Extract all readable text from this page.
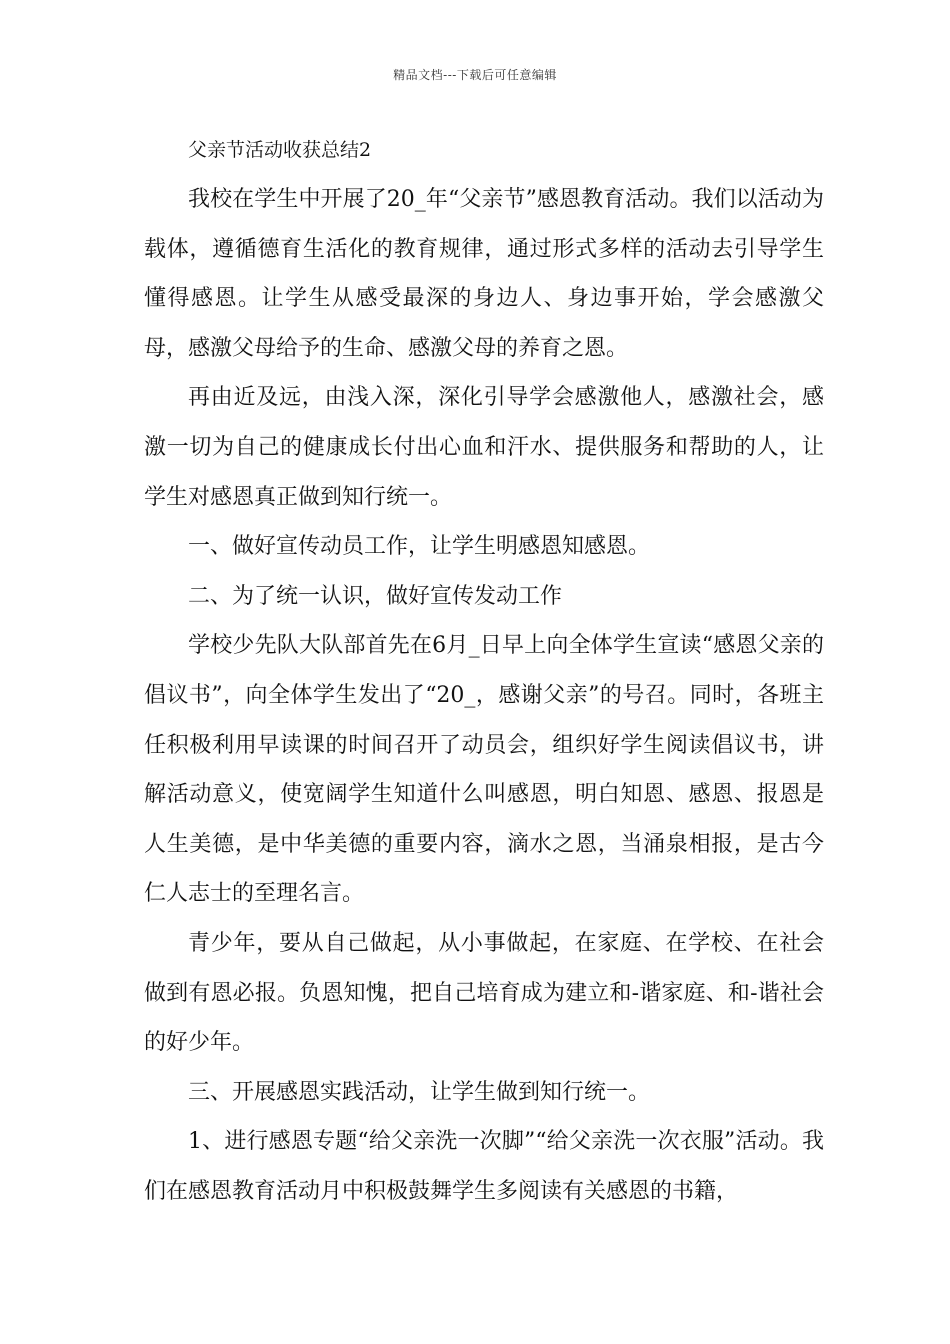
精品文档---下载后可任意编辑
父亲节活动收获总结2

我校在学生中开展了20_年“父亲节”感恩教育活动。我们以活动为载体，遵循德育生活化的教育规律，通过形式多样的活动去引导学生懂得感恩。让学生从感受最深的身边人、身边事开始，学会感激父母，感激父母给予的生命、感激父母的养育之恩。

再由近及远，由浅入深，深化引导学会感激他人，感激社会，感激一切为自己的健康成长付出心血和汗水、提供服务和帮助的人，让学生对感恩真正做到知行统一。

一、做好宣传动员工作，让学生明感恩知感恩。

二、为了统一认识，做好宣传发动工作

学校少先队大队部首先在6月_日早上向全体学生宣读“感恩父亲的倡议书”，向全体学生发出了“20_，感谢父亲”的号召。同时，各班主任积极利用早读课的时间召开了动员会，组织好学生阅读倡议书，讲解活动意义，使宽阔学生知道什么叫感恩，明白知恩、感恩、报恩是人生美德，是中华美德的重要内容，滴水之恩，当涌泉相报，是古今仁人志士的至理名言。

青少年，要从自己做起，从小事做起，在家庭、在学校、在社会做到有恩必报。负恩知愧，把自己培育成为建立和-谐家庭、和-谐社会的好少年。

三、开展感恩实践活动，让学生做到知行统一。

1、进行感恩专题“给父亲洗一次脚”“给父亲洗一次衣服”活动。我们在感恩教育活动月中积极鼓舞学生多阅读有关感恩的书籍，
